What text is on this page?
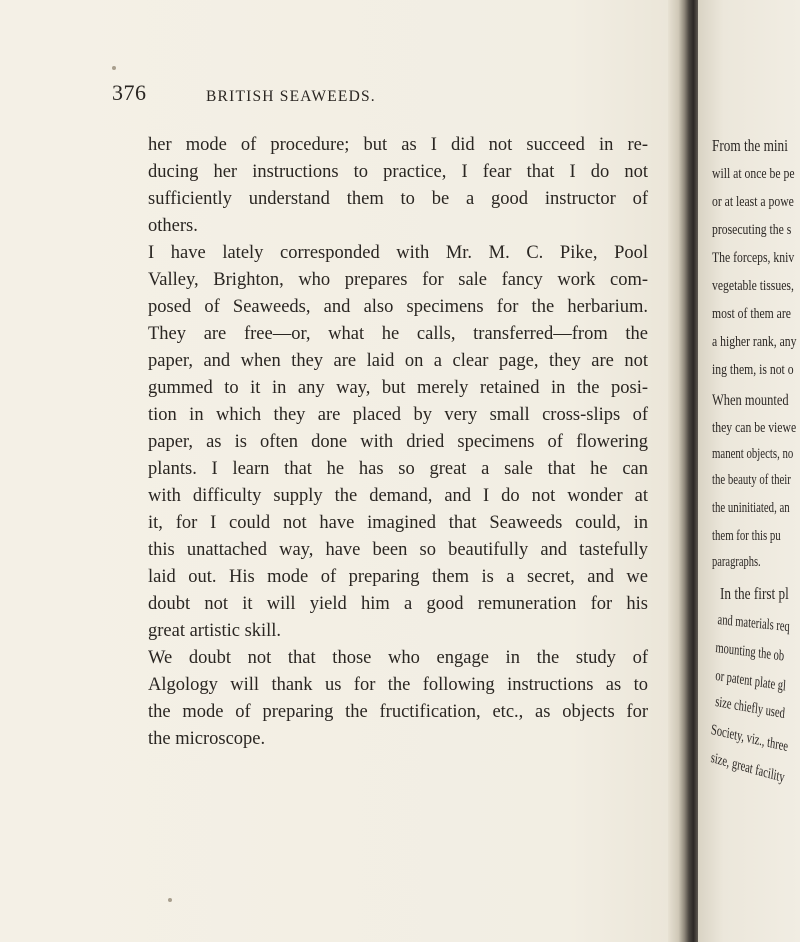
376	BRITISH SEAWEEDS.
her mode of procedure; but as I did not succeed in re-
ducing her instructions to practice, I fear that I do not
sufficiently understand them to be a good instructor of
others.
I have lately corresponded with Mr. M. C. Pike, Pool
Valley, Brighton, who prepares for sale fancy work com-
posed of Seaweeds, and also specimens for the herbarium.
They are free—or, what he calls, transferred—from the
paper, and when they are laid on a clear page, they are not
gummed to it in any way, but merely retained in the posi-
tion in which they are placed by very small cross-slips of
paper, as is often done with dried specimens of flowering
plants. I learn that he has so great a sale that he can
with difficulty supply the demand, and I do not wonder at
it, for I could not have imagined that Seaweeds could, in
this unattached way, have been so beautifully and tastefully
laid out. His mode of preparing them is a secret, and we
doubt not it will yield him a good remuneration for his
great artistic skill.
We doubt not that those who engage in the study of
Algology will thank us for the following instructions as to
the mode of preparing the fructification, etc., as objects for
the microscope.
From the mini
will at once be pe
or at least a powe
prosecuting the s
The forceps, kniv
vegetable tissues,
most of them are
a higher rank, any
ing them, is not o
When mounted
they can be viewe
manent objects, no
the beauty of their
the uninitiated, an
them for this pu
paragraphs.
In the first pl
and materials req
mounting the ob
or patent plate gl
size chiefly used
Society, viz., three
size, great facility
